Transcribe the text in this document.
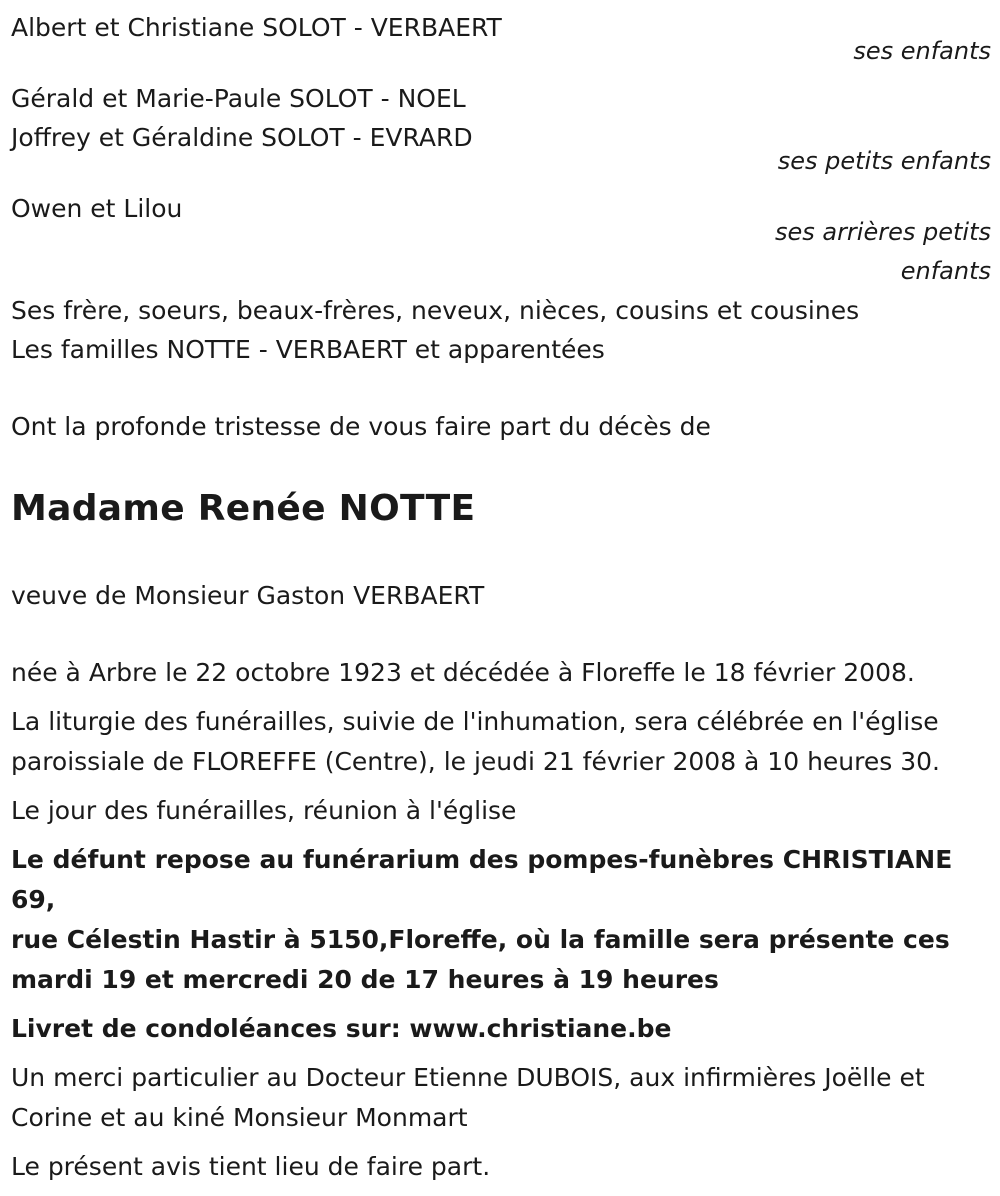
Albert et Christiane SOLOT - VERBAERT
ses enfants
Gérald et Marie-Paule SOLOT - NOEL
Joffrey et Géraldine SOLOT - EVRARD
ses petits enfants
Owen et Lilou
ses arrières petits
enfants
Ses frère, soeurs, beaux-frères, neveux, nièces, cousins et cousines
Les familles NOTTE - VERBAERT et apparentées
Ont la profonde tristesse de vous faire part du décès de
Madame Renée NOTTE
veuve de Monsieur Gaston VERBAERT
née à Arbre le 22 octobre 1923 et décédée à Floreffe le 18 février 2008.
La liturgie des funérailles, suivie de l'inhumation, sera célébrée en l'église
paroissiale de FLOREFFE (Centre), le jeudi 21 février 2008 à 10 heures 30.
Le jour des funérailles, réunion à l'église
Le défunt repose au funérarium des pompes-funèbres CHRISTIANE 69,
rue Célestin Hastir à 5150,Floreffe, où la famille sera présente ces
mardi 19 et mercredi 20 de 17 heures à 19 heures
Livret de condoléances sur: www.christiane.be
Un merci particulier au Docteur Etienne DUBOIS, aux infirmières Joëlle et
Corine et au kiné Monsieur Monmart
Le présent avis tient lieu de faire part.
